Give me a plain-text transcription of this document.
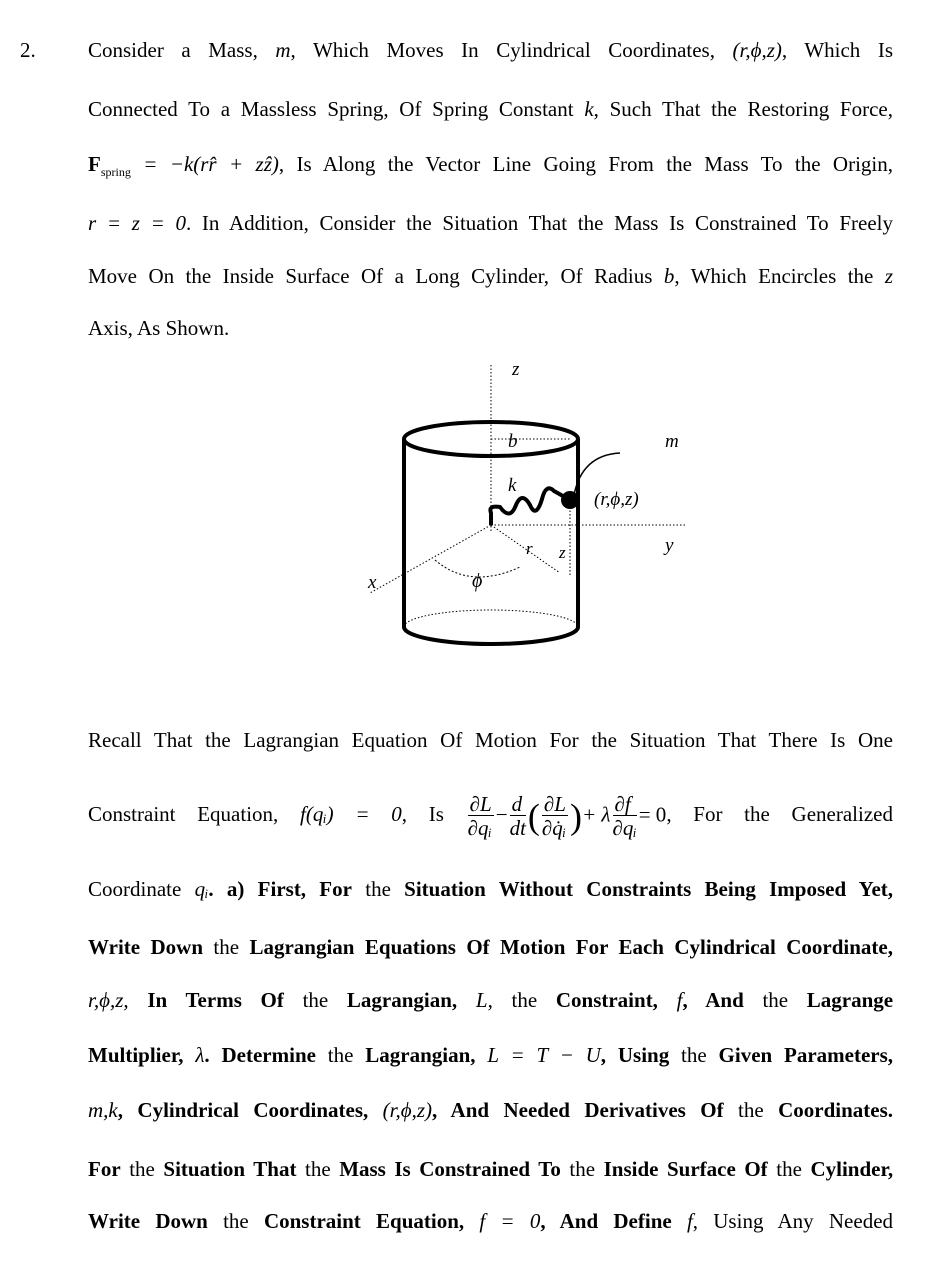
2. Consider a Mass, m, Which Moves In Cylindrical Coordinates, (r,ϕ,z), Which Is
Connected To a Massless Spring, Of Spring Constant k, Such That the Restoring Force,
$F_{spring}$ = −k(rr̂ + zẑ), Is Along the Vector Line Going From the Mass To the Origin,
r = z = 0. In Addition, Consider the Situation That the Mass Is Constrained To Freely
Move On the Inside Surface Of a Long Cylinder, Of Radius b, Which Encircles the z
Axis, As Shown.
z
b	m
k
(r,ϕ,z)
y
r z
x	ϕ
Recall That the Lagrangian Equation Of Motion For the Situation That There Is One
Constraint Equation, f(qᵢ) = 0, Is $\frac{\partial L}{\text{∂qᵢ}} - \frac{d}{dt}$ ( $\frac{\partial L}{\text{∂q̇ᵢ}}$ )+ λ $\frac{\partial f}{\text{∂qᵢ}} = 0$, For the Generalized
Coordinate qᵢ. a) First, For the Situation Without Constraints Being Imposed Yet,
Write Down the Lagrangian Equations Of Motion For Each Cylindrical Coordinate,
r,ϕ,z, In Terms Of the Lagrangian, L, the Constraint, f, And the Lagrange
Multiplier, λ. Determine the Lagrangian, L = T − U, Using the Given Parameters,
m,k, Cylindrical Coordinates, (r,ϕ,z), And Needed Derivatives Of the Coordinates.
For the Situation That the Mass Is Constrained To the Inside Surface Of the Cylinder,
Write Down the Constraint Equation, f = 0, And Define f, Using Any Needed
